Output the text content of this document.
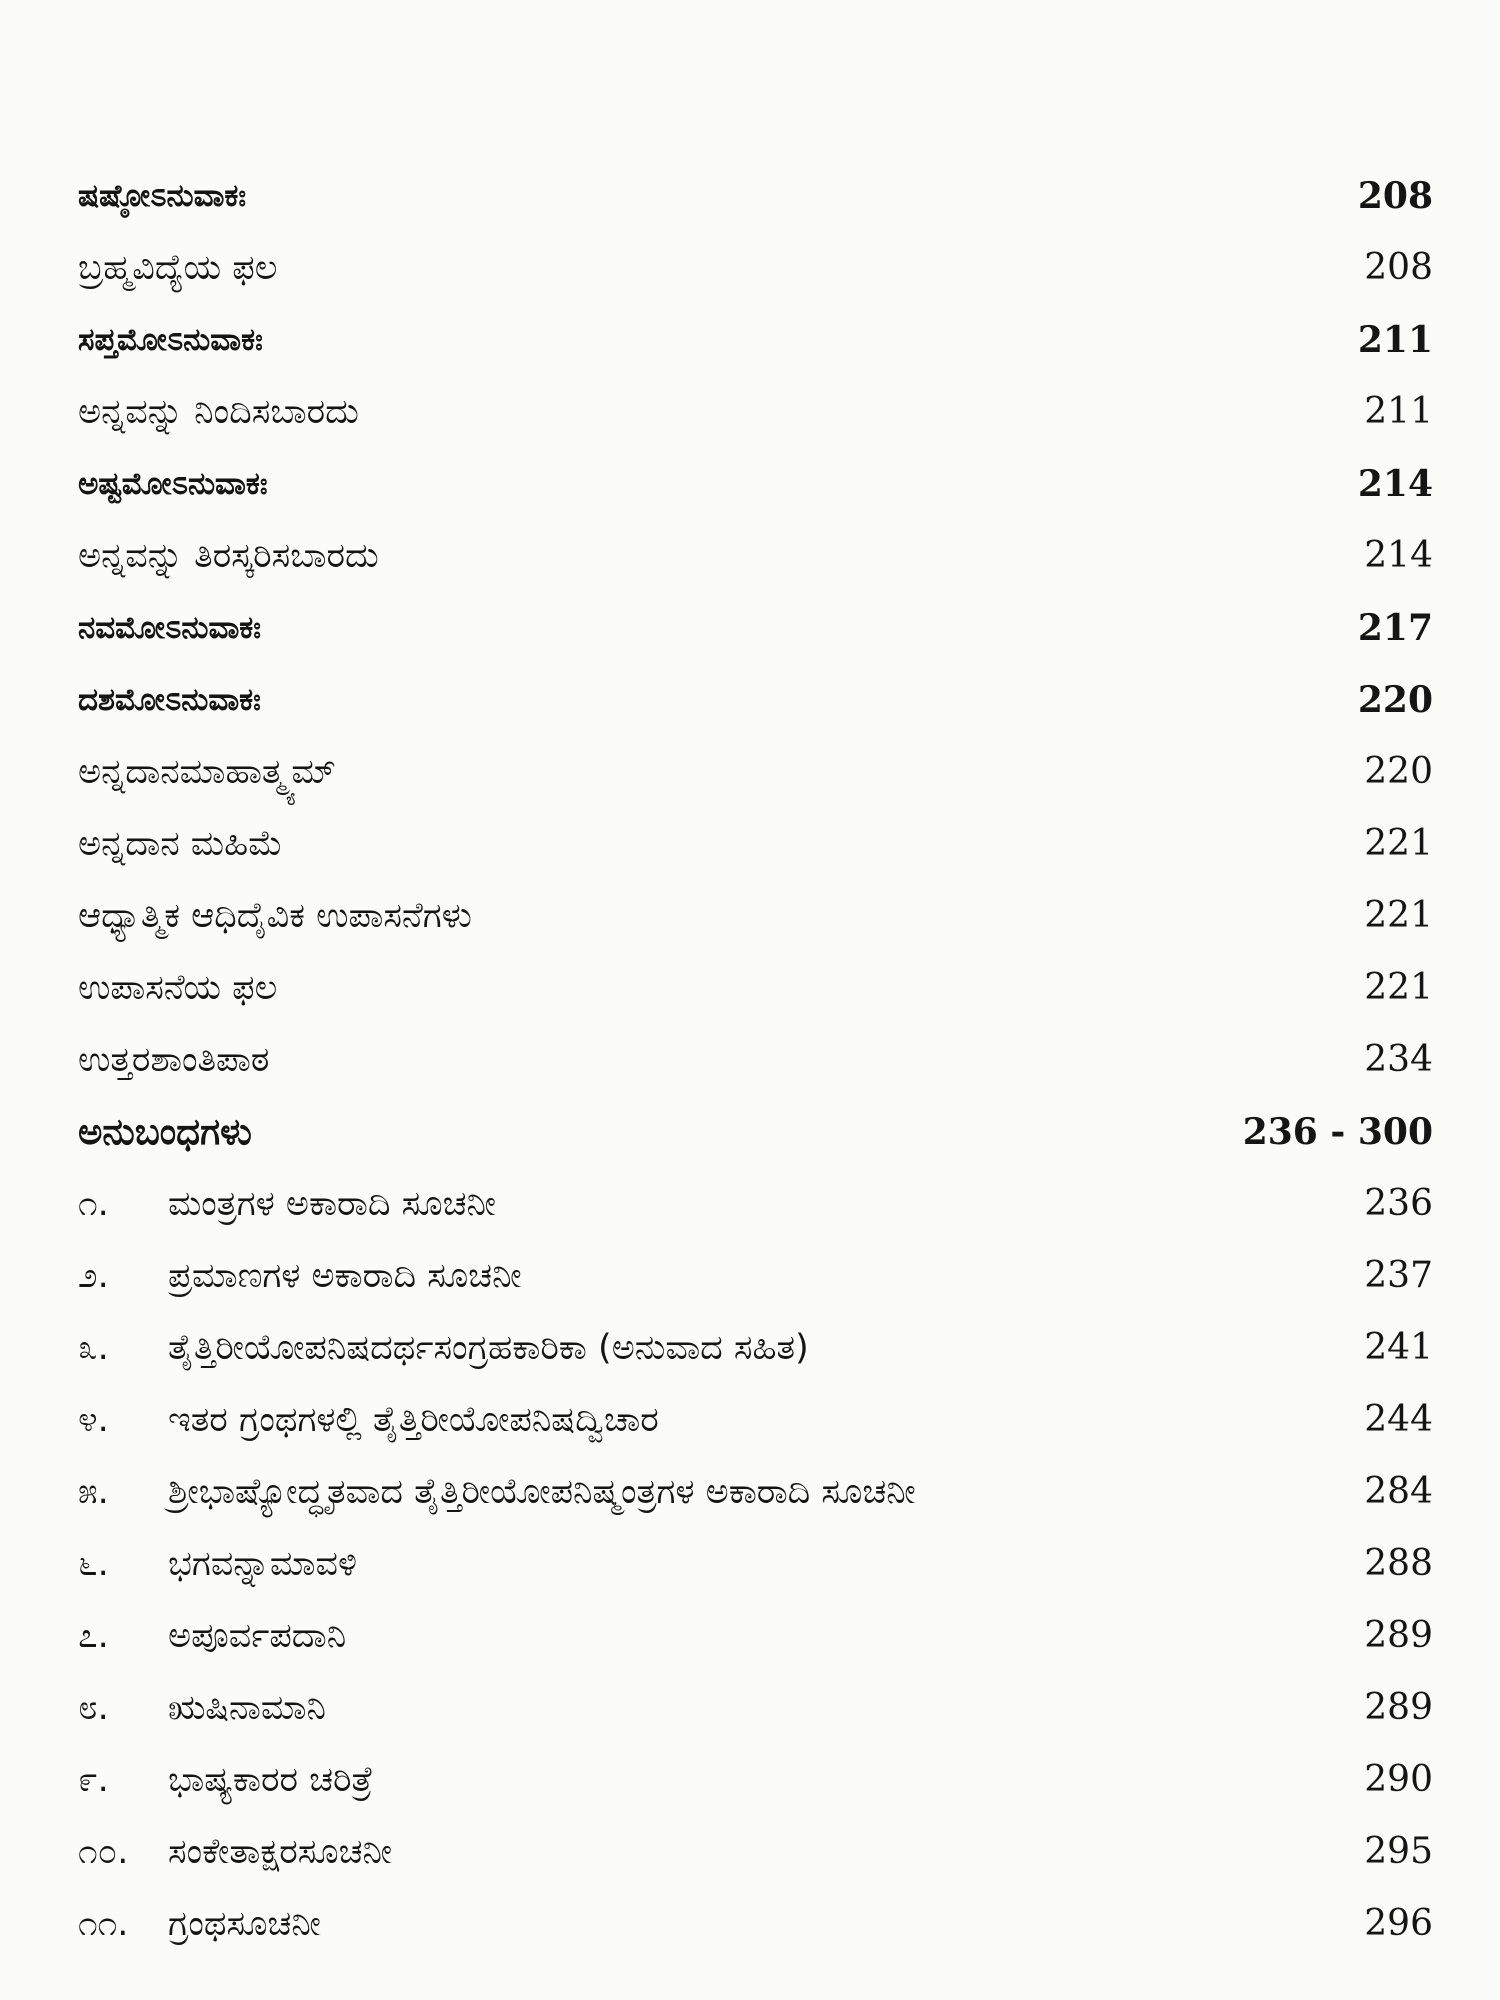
ಷಷ್ಠೋಽನುವಾಕಃ	208
ಬ್ರಹ್ಮವಿದ್ಯೆಯ ಫಲ	208
ಸಪ್ತಮೋಽನುವಾಕಃ	211
ಅನ್ನವನ್ನು ನಿಂದಿಸಬಾರದು	211
ಅಷ್ಟಮೋಽನುವಾಕಃ	214
ಅನ್ನವನ್ನು ತಿರಸ್ಕರಿಸಬಾರದು	214
ನವಮೋಽನುವಾಕಃ	217
ದಶಮೋಽನುವಾಕಃ	220
ಅನ್ನದಾನಮಾಹಾತ್ಮ್ಯಮ್	220
ಅನ್ನದಾನ ಮಹಿಮೆ	221
ಆಧ್ಯಾತ್ಮಿಕ ಆಧಿದೈವಿಕ ಉಪಾಸನೆಗಳು	221
ಉಪಾಸನೆಯ ಫಲ	221
ಉತ್ತರಶಾಂತಿಪಾಠ	234
ಅನುಬಂಧಗಳು	236 - 300
೧. ಮಂತ್ರಗಳ ಅಕಾರಾದಿ ಸೂಚನೀ	236
೨. ಪ್ರಮಾಣಗಳ ಅಕಾರಾದಿ ಸೂಚನೀ	237
೩. ತೈತ್ತಿರೀಯೋಪನಿಷದರ್ಥಸಂಗ್ರಹಕಾರಿಕಾ (ಅನುವಾದ ಸಹಿತ)	241
೪. ಇತರ ಗ್ರಂಥಗಳಲ್ಲಿ ತೈತ್ತಿರೀಯೋಪನಿಷದ್ವಿಚಾರ	244
೫. ಶ್ರೀಭಾಷ್ಯೋದ್ಧೃತವಾದ ತೈತ್ತಿರೀಯೋಪನಿಷ್ಮಂತ್ರಗಳ ಅಕಾರಾದಿ ಸೂಚನೀ	284
೬. ಭಗವನ್ನಾಮಾವಳಿ	288
೭. ಅಪೂರ್ವಪದಾನಿ	289
೮. ಋಷಿನಾಮಾನಿ	289
೯. ಭಾಷ್ಯಕಾರರ ಚರಿತ್ರೆ	290
೧೦. ಸಂಕೇತಾಕ್ಷರಸೂಚನೀ	295
೧೧. ಗ್ರಂಥಸೂಚನೀ	296
